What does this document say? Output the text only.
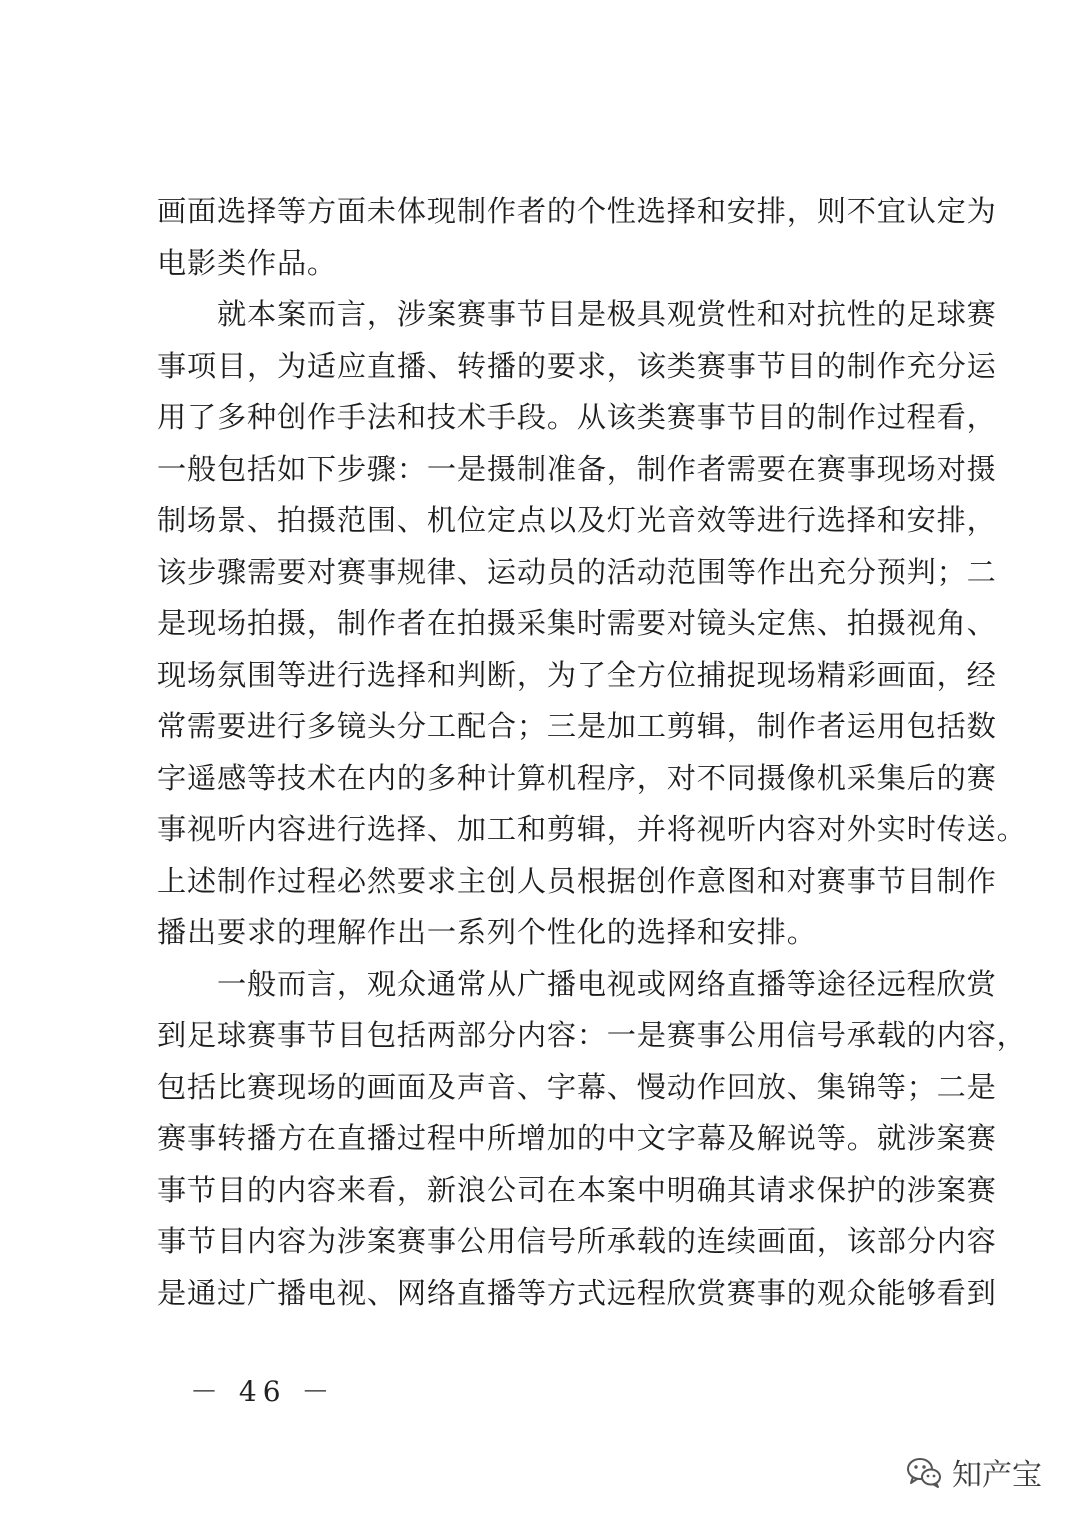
画面选择等方面未体现制作者的个性选择和安排，则不宜认定为
电影类作品。
　　就本案而言，涉案赛事节目是极具观赏性和对抗性的足球赛
事项目，为适应直播、转播的要求，该类赛事节目的制作充分运
用了多种创作手法和技术手段。从该类赛事节目的制作过程看，
一般包括如下步骤：一是摄制准备，制作者需要在赛事现场对摄
制场景、拍摄范围、机位定点以及灯光音效等进行选择和安排，
该步骤需要对赛事规律、运动员的活动范围等作出充分预判；二
是现场拍摄，制作者在拍摄采集时需要对镜头定焦、拍摄视角、
现场氛围等进行选择和判断，为了全方位捕捉现场精彩画面，经
常需要进行多镜头分工配合；三是加工剪辑，制作者运用包括数
字遥感等技术在内的多种计算机程序，对不同摄像机采集后的赛
事视听内容进行选择、加工和剪辑，并将视听内容对外实时传送。
上述制作过程必然要求主创人员根据创作意图和对赛事节目制作
播出要求的理解作出一系列个性化的选择和安排。
　　一般而言，观众通常从广播电视或网络直播等途径远程欣赏
到足球赛事节目包括两部分内容：一是赛事公用信号承载的内容，
包括比赛现场的画面及声音、字幕、慢动作回放、集锦等；二是
赛事转播方在直播过程中所增加的中文字幕及解说等。就涉案赛
事节目的内容来看，新浪公司在本案中明确其请求保护的涉案赛
事节目内容为涉案赛事公用信号所承载的连续画面，该部分内容
是通过广播电视、网络直播等方式远程欣赏赛事的观众能够看到
－ 46 －
知产宝
